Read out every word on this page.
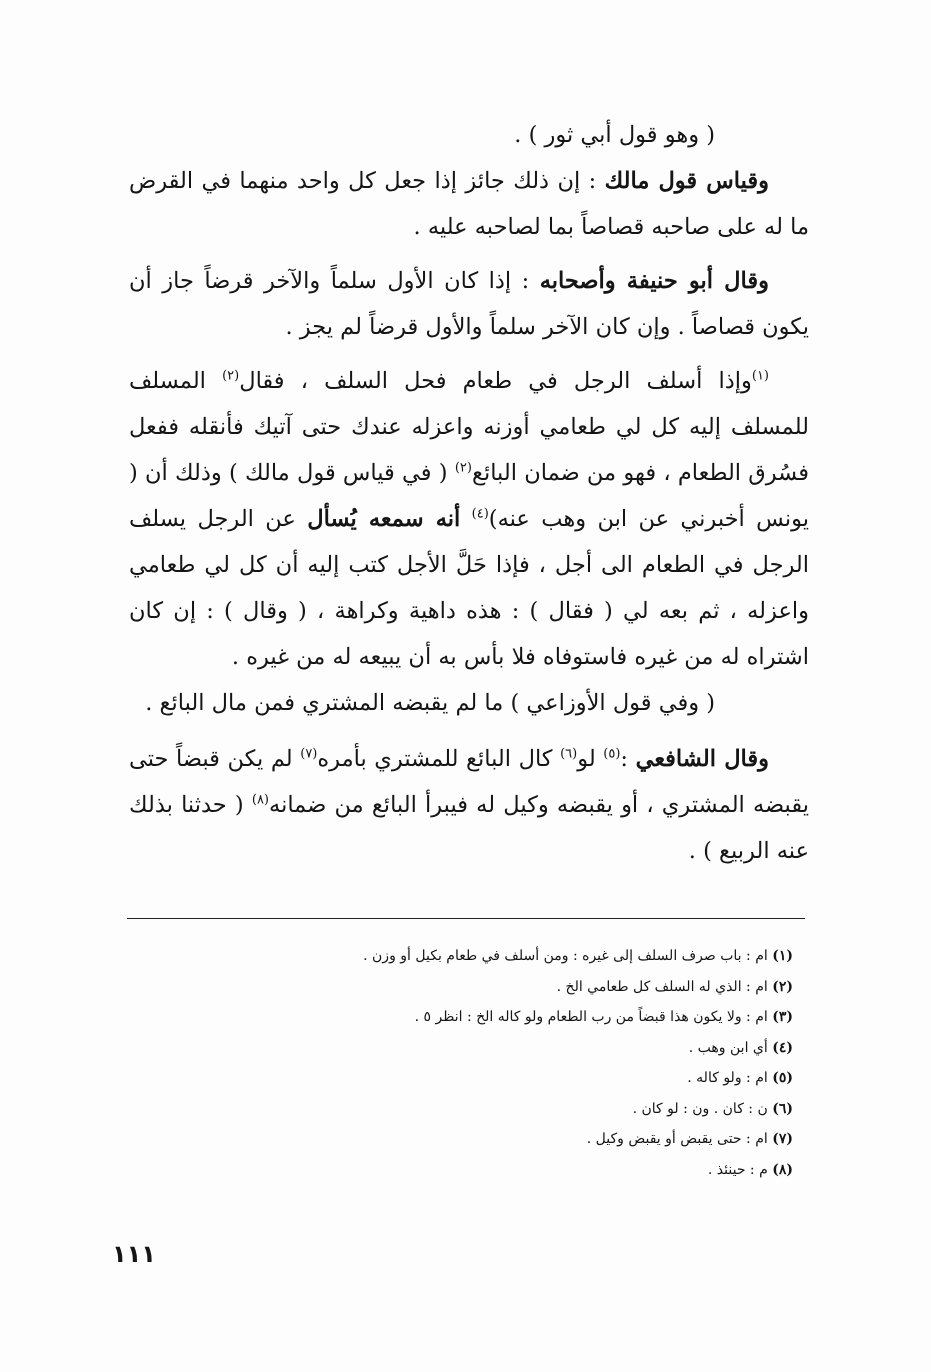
( وهو قول أبي ثور ) .

وقياس قول مالك : إن ذلك جائز إذا جعل كل واحد منهما في القرض ما له على صاحبه قصاصاً بما لصاحبه عليه .

وقال أبو حنيفة وأصحابه : إذا كان الأول سلماً والآخر قرضاً جاز أن يكون قصاصاً . وإن كان الآخر سلماً والأول قرضاً لم يجز .

$^{(١)}$وإذا أسلف الرجل في طعام فحل السلف ، فقال$^{(٢)}$ المسلف للمسلف إليه كل لي طعامي أوزنه واعزله عندك حتى آتيك فأنقله ففعل فسُرق الطعام ، فهو من ضمان البائع$^{(٢)}$ ( في قياس قول مالك ) وذلك أن ( يونس أخبرني عن ابن وهب عنه)$^{(٤)}$ أنه سمعه يُسأل عن الرجل يسلف الرجل في الطعام الى أجل ، فإذا حَلَّ الأجل كتب إليه أن كل لي طعامي واعزله ، ثم بعه لي ( فقال ) : هذه داهية وكراهة ، ( وقال ) : إن كان اشتراه له من غيره فاستوفاه فلا بأس به أن يبيعه له من غيره .

( وفي قول الأوزاعي ) ما لم يقبضه المشتري فمن مال البائع .

وقال الشافعي :$^{(٥)}$ لو$^{(٦)}$ كال البائع للمشتري بأمره$^{(٧)}$ لم يكن قبضاً حتى يقبضه المشتري ، أو يقبضه وكيل له فيبرأ البائع من ضمانه$^{(٨)}$ ( حدثنا بذلك عنه الربيع ) .

(١) ام : باب صرف السلف إلى غيره : ومن أسلف في طعام بكيل أو وزن .

(٢) ام : الذي له السلف كل طعامي الخ .

(٣) ام : ولا يكون هذا قبضاً من رب الطعام ولو كاله الخ : انظر ٥ .

(٤) أي ابن وهب .

(٥) ام : ولو كاله .

(٦) ن : كان . ون : لو كان .

(٧) ام : حتى يقبض أو يقبض وكيل .

(٨) م : حينئذ .

١١١
